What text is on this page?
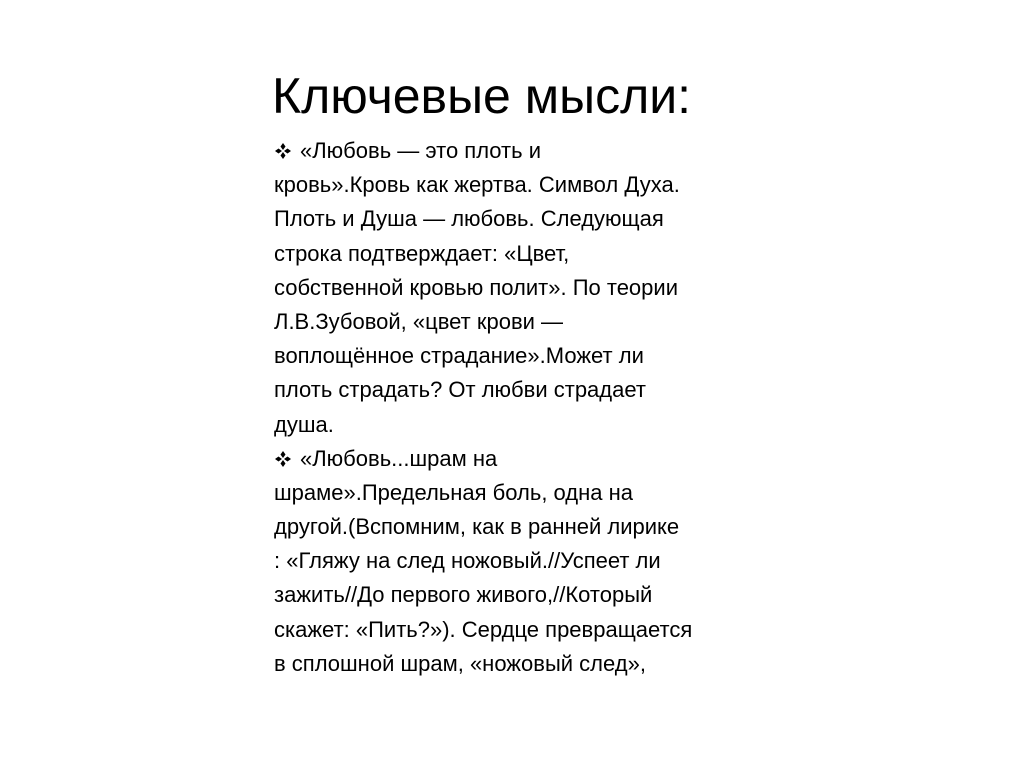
Ключевые мысли:
«Любовь — это плоть и
кровь».Кровь как жертва. Символ Духа.
Плоть и Душа — любовь. Следующая
строка подтверждает: «Цвет,
собственной кровью полит». По теории
Л.В.Зубовой, «цвет крови —
воплощённое страдание».Может ли
плоть страдать? От любви страдает
душа.
«Любовь...шрам на
шраме».Предельная боль, одна на
другой.(Вспомним, как в ранней лирике
: «Гляжу на след ножовый.//Успеет ли
зажить//До первого живого,//Который
скажет: «Пить?»). Сердце превращается
в сплошной шрам, «ножовый след»,
